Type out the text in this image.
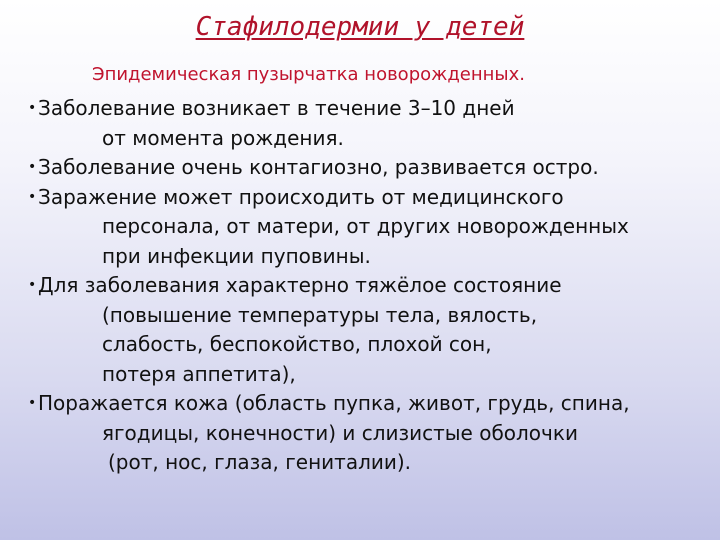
Стафилодермии у детей
Эпидемическая пузырчатка новорожденных.
•Заболевание возникает в течение 3–10 дней
от момента рождения.
•Заболевание очень контагиозно, развивается остро.
•Заражение может происходить от медицинского
персонала, от матери, от других новорожденных
при инфекции пуповины.
•Для заболевания характерно тяжёлое состояние
(повышение температуры тела, вялость,
слабость, беспокойство, плохой сон,
потеря аппетита),
•Поражается кожа (область пупка, живот, грудь, спина,
ягодицы, конечности) и слизистые оболочки
(рот, нос, глаза, гениталии).
